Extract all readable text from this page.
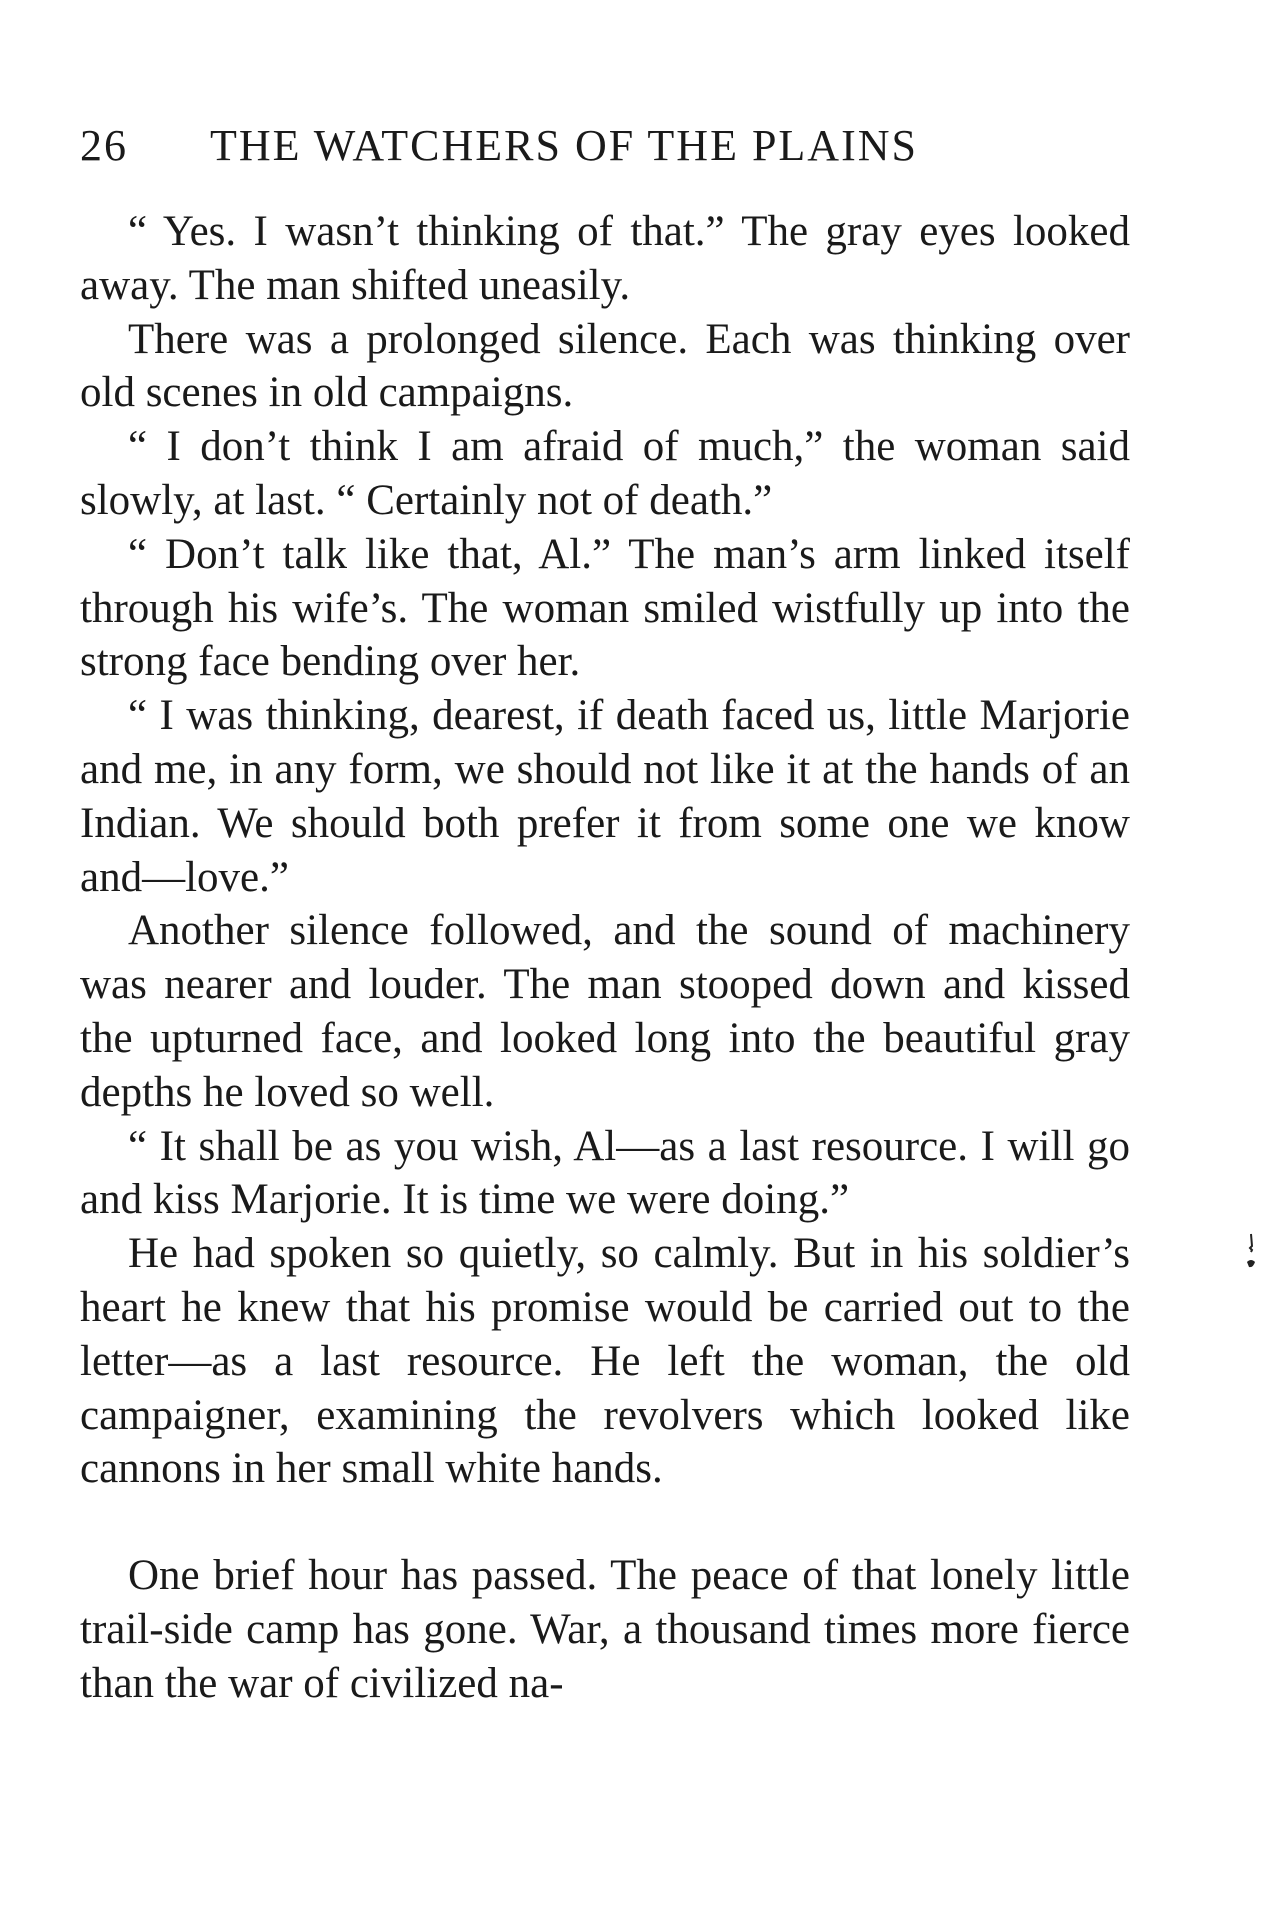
26 THE WATCHERS OF THE PLAINS

“ Yes. I wasn’t thinking of that.” The gray eyes looked away. The man shifted uneasily.

There was a prolonged silence. Each was thinking over old scenes in old campaigns.

“ I don’t think I am afraid of much,” the woman said slowly, at last. “ Certainly not of death.”

“ Don’t talk like that, Al.” The man’s arm linked itself through his wife’s. The woman smiled wistfully up into the strong face bending over her.

“ I was thinking, dearest, if death faced us, little Marjorie and me, in any form, we should not like it at the hands of an Indian. We should both prefer it from some one we know and—love.”

Another silence followed, and the sound of machinery was nearer and louder. The man stooped down and kissed the upturned face, and looked long into the beautiful gray depths he loved so well.

“ It shall be as you wish, Al—as a last resource. I will go and kiss Marjorie. It is time we were doing.”

He had spoken so quietly, so calmly. But in his soldier’s heart he knew that his promise would be carried out to the letter—as a last resource. He left the woman, the old campaigner, examining the revolvers which looked like cannons in her small white hands.

One brief hour has passed. The peace of that lonely little trail-side camp has gone. War, a thousand times more fierce than the war of civilized na-
